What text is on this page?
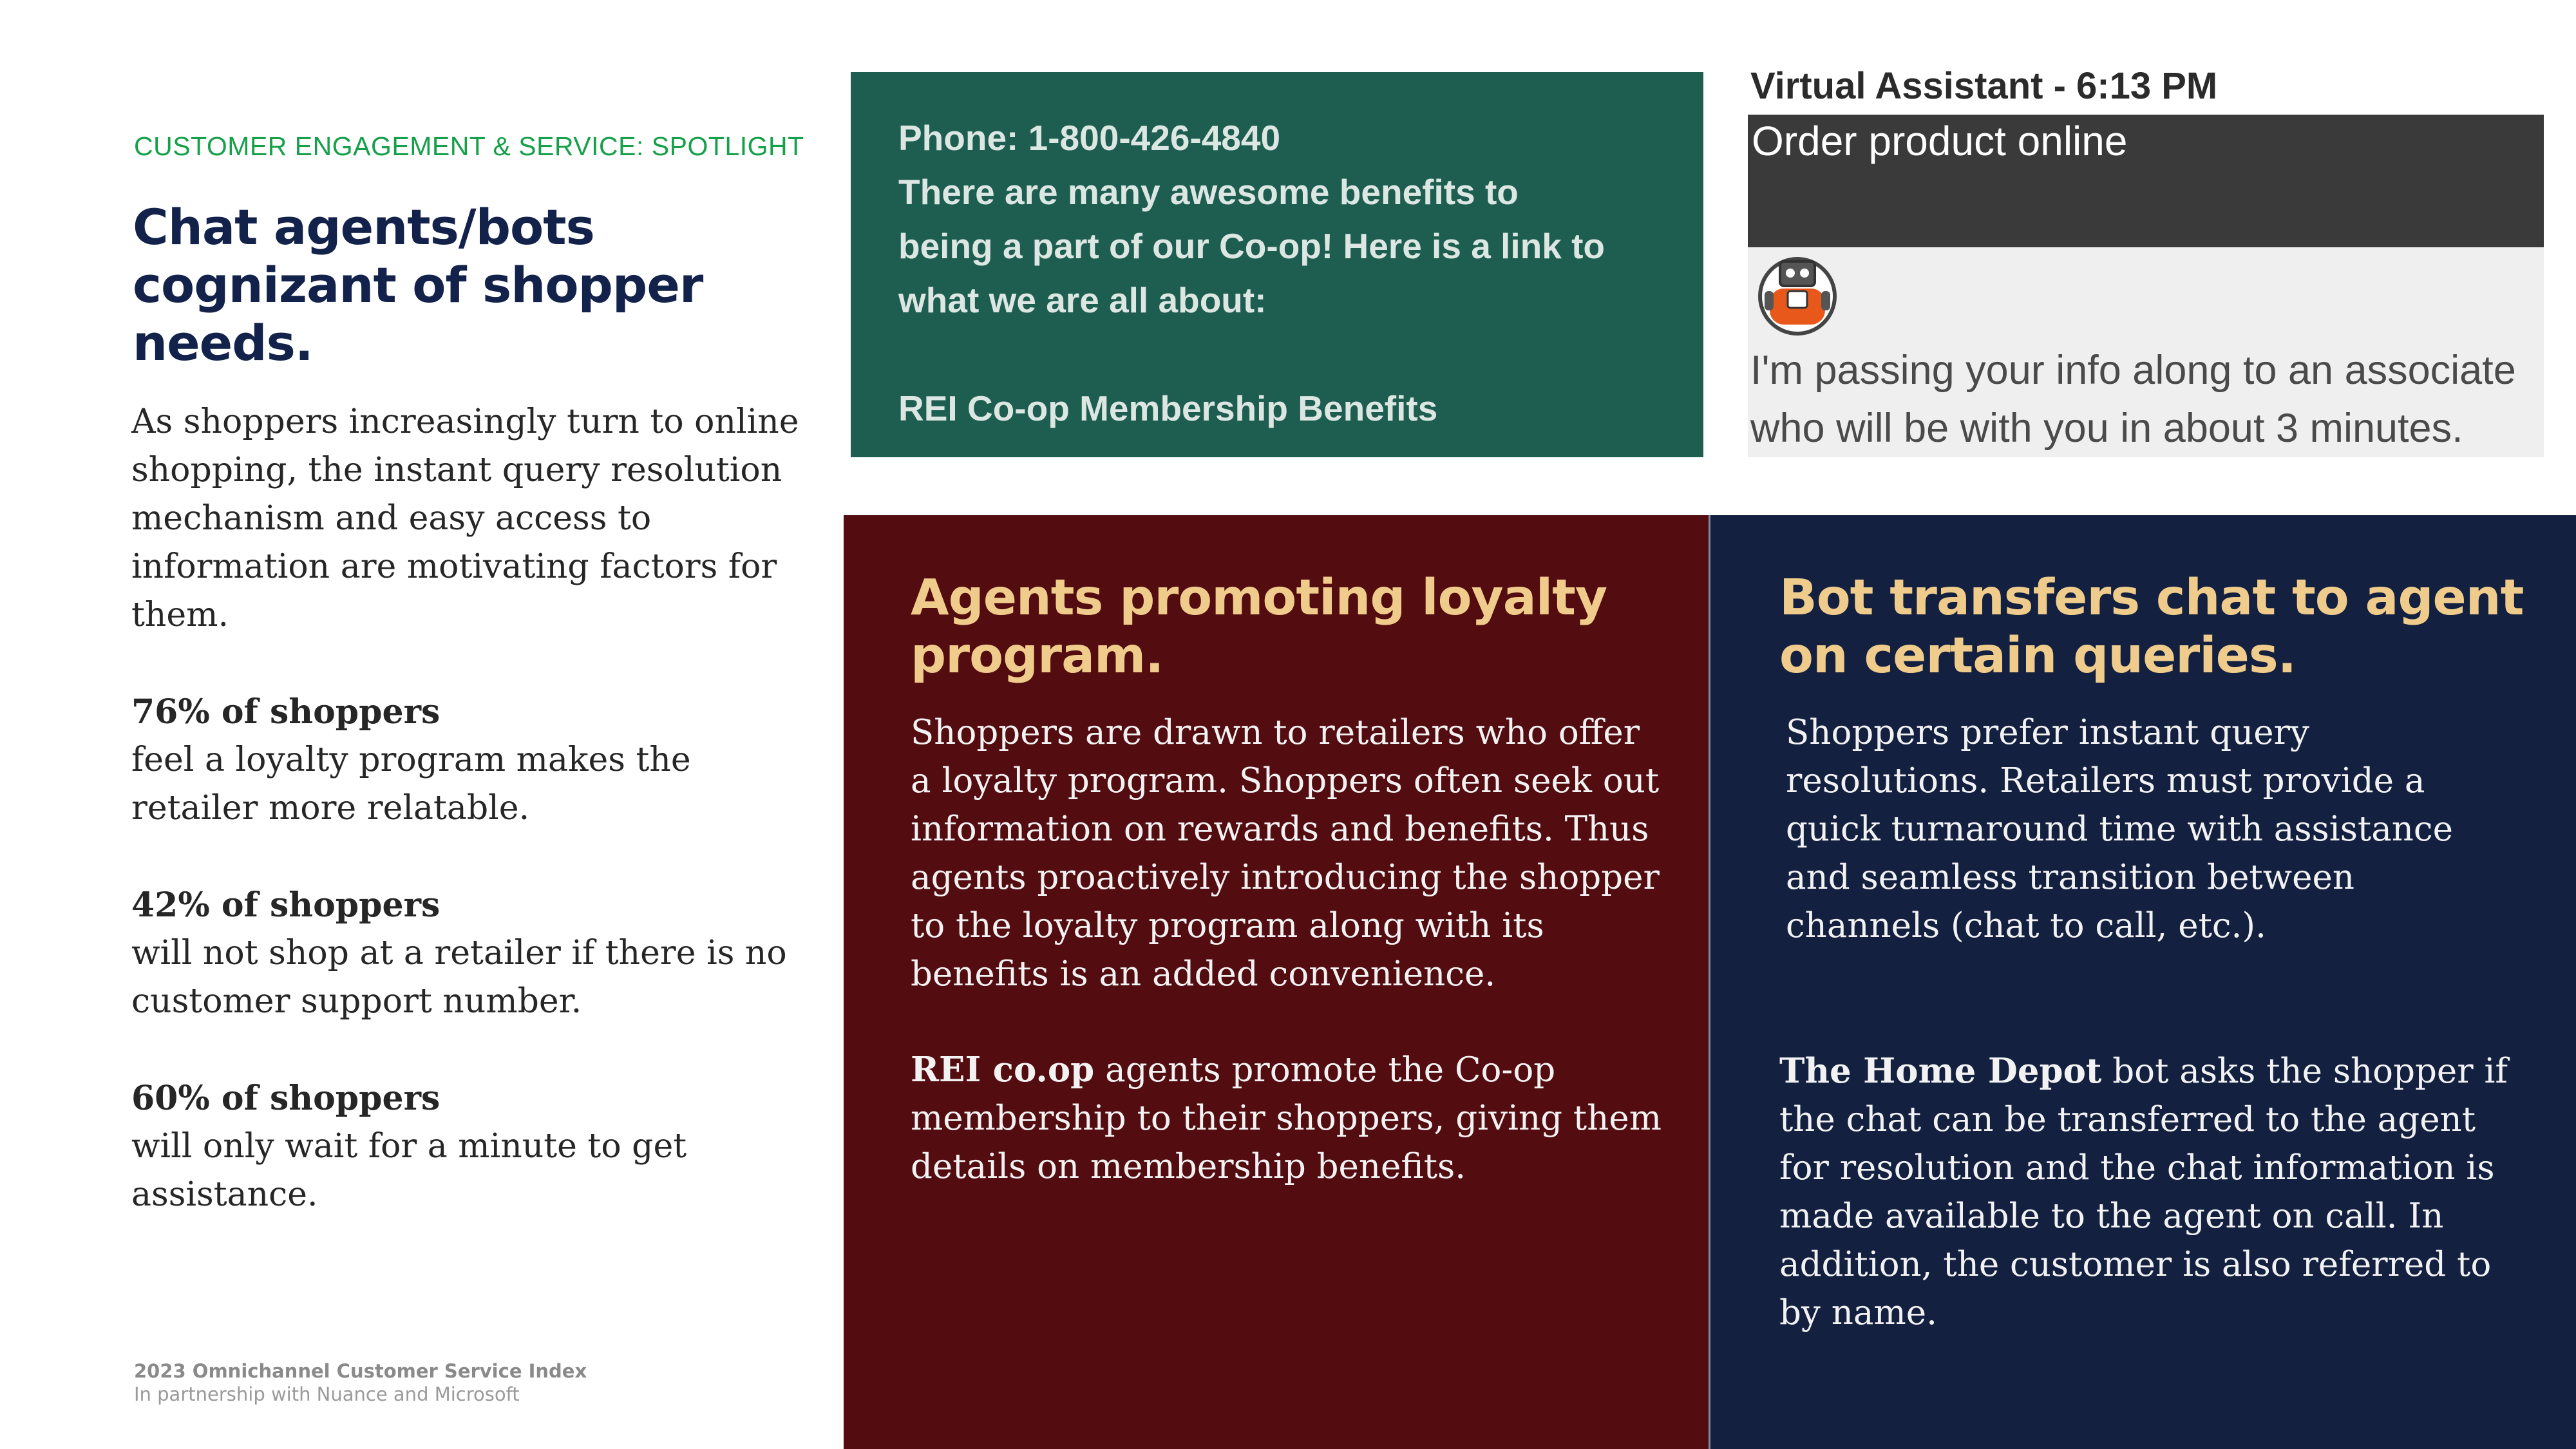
CUSTOMER ENGAGEMENT & SERVICE: SPOTLIGHT
Chat agents/bots cognizant of shopper needs.
As shoppers increasingly turn to online shopping, the instant query resolution mechanism and easy access to information are motivating factors for them.
76% of shoppers
feel a loyalty program makes the retailer more relatable.
42% of shoppers
will not shop at a retailer if there is no customer support number.
60% of shoppers
will only wait for a minute to get assistance.
2023 Omnichannel Customer Service Index
In partnership with Nuance and Microsoft
Phone: 1-800-426-4840
There are many awesome benefits to
being a part of our Co-op! Here is a link to
what we are all about:
REI Co-op Membership Benefits
Virtual Assistant - 6:13 PM
Order product online
I'm passing your info along to an associate who will be with you in about 3 minutes.
Agents promoting loyalty program.
Shoppers are drawn to retailers who offer a loyalty program. Shoppers often seek out information on rewards and benefits. Thus agents proactively introducing the shopper to the loyalty program along with its benefits is an added convenience.
REI co.op agents promote the Co-op membership to their shoppers, giving them details on membership benefits.
Bot transfers chat to agent on certain queries.
Shoppers prefer instant query resolutions. Retailers must provide a quick turnaround time with assistance and seamless transition between channels (chat to call, etc.).
The Home Depot bot asks the shopper if the chat can be transferred to the agent for resolution and the chat information is made available to the agent on call. In addition, the customer is also referred to by name.
